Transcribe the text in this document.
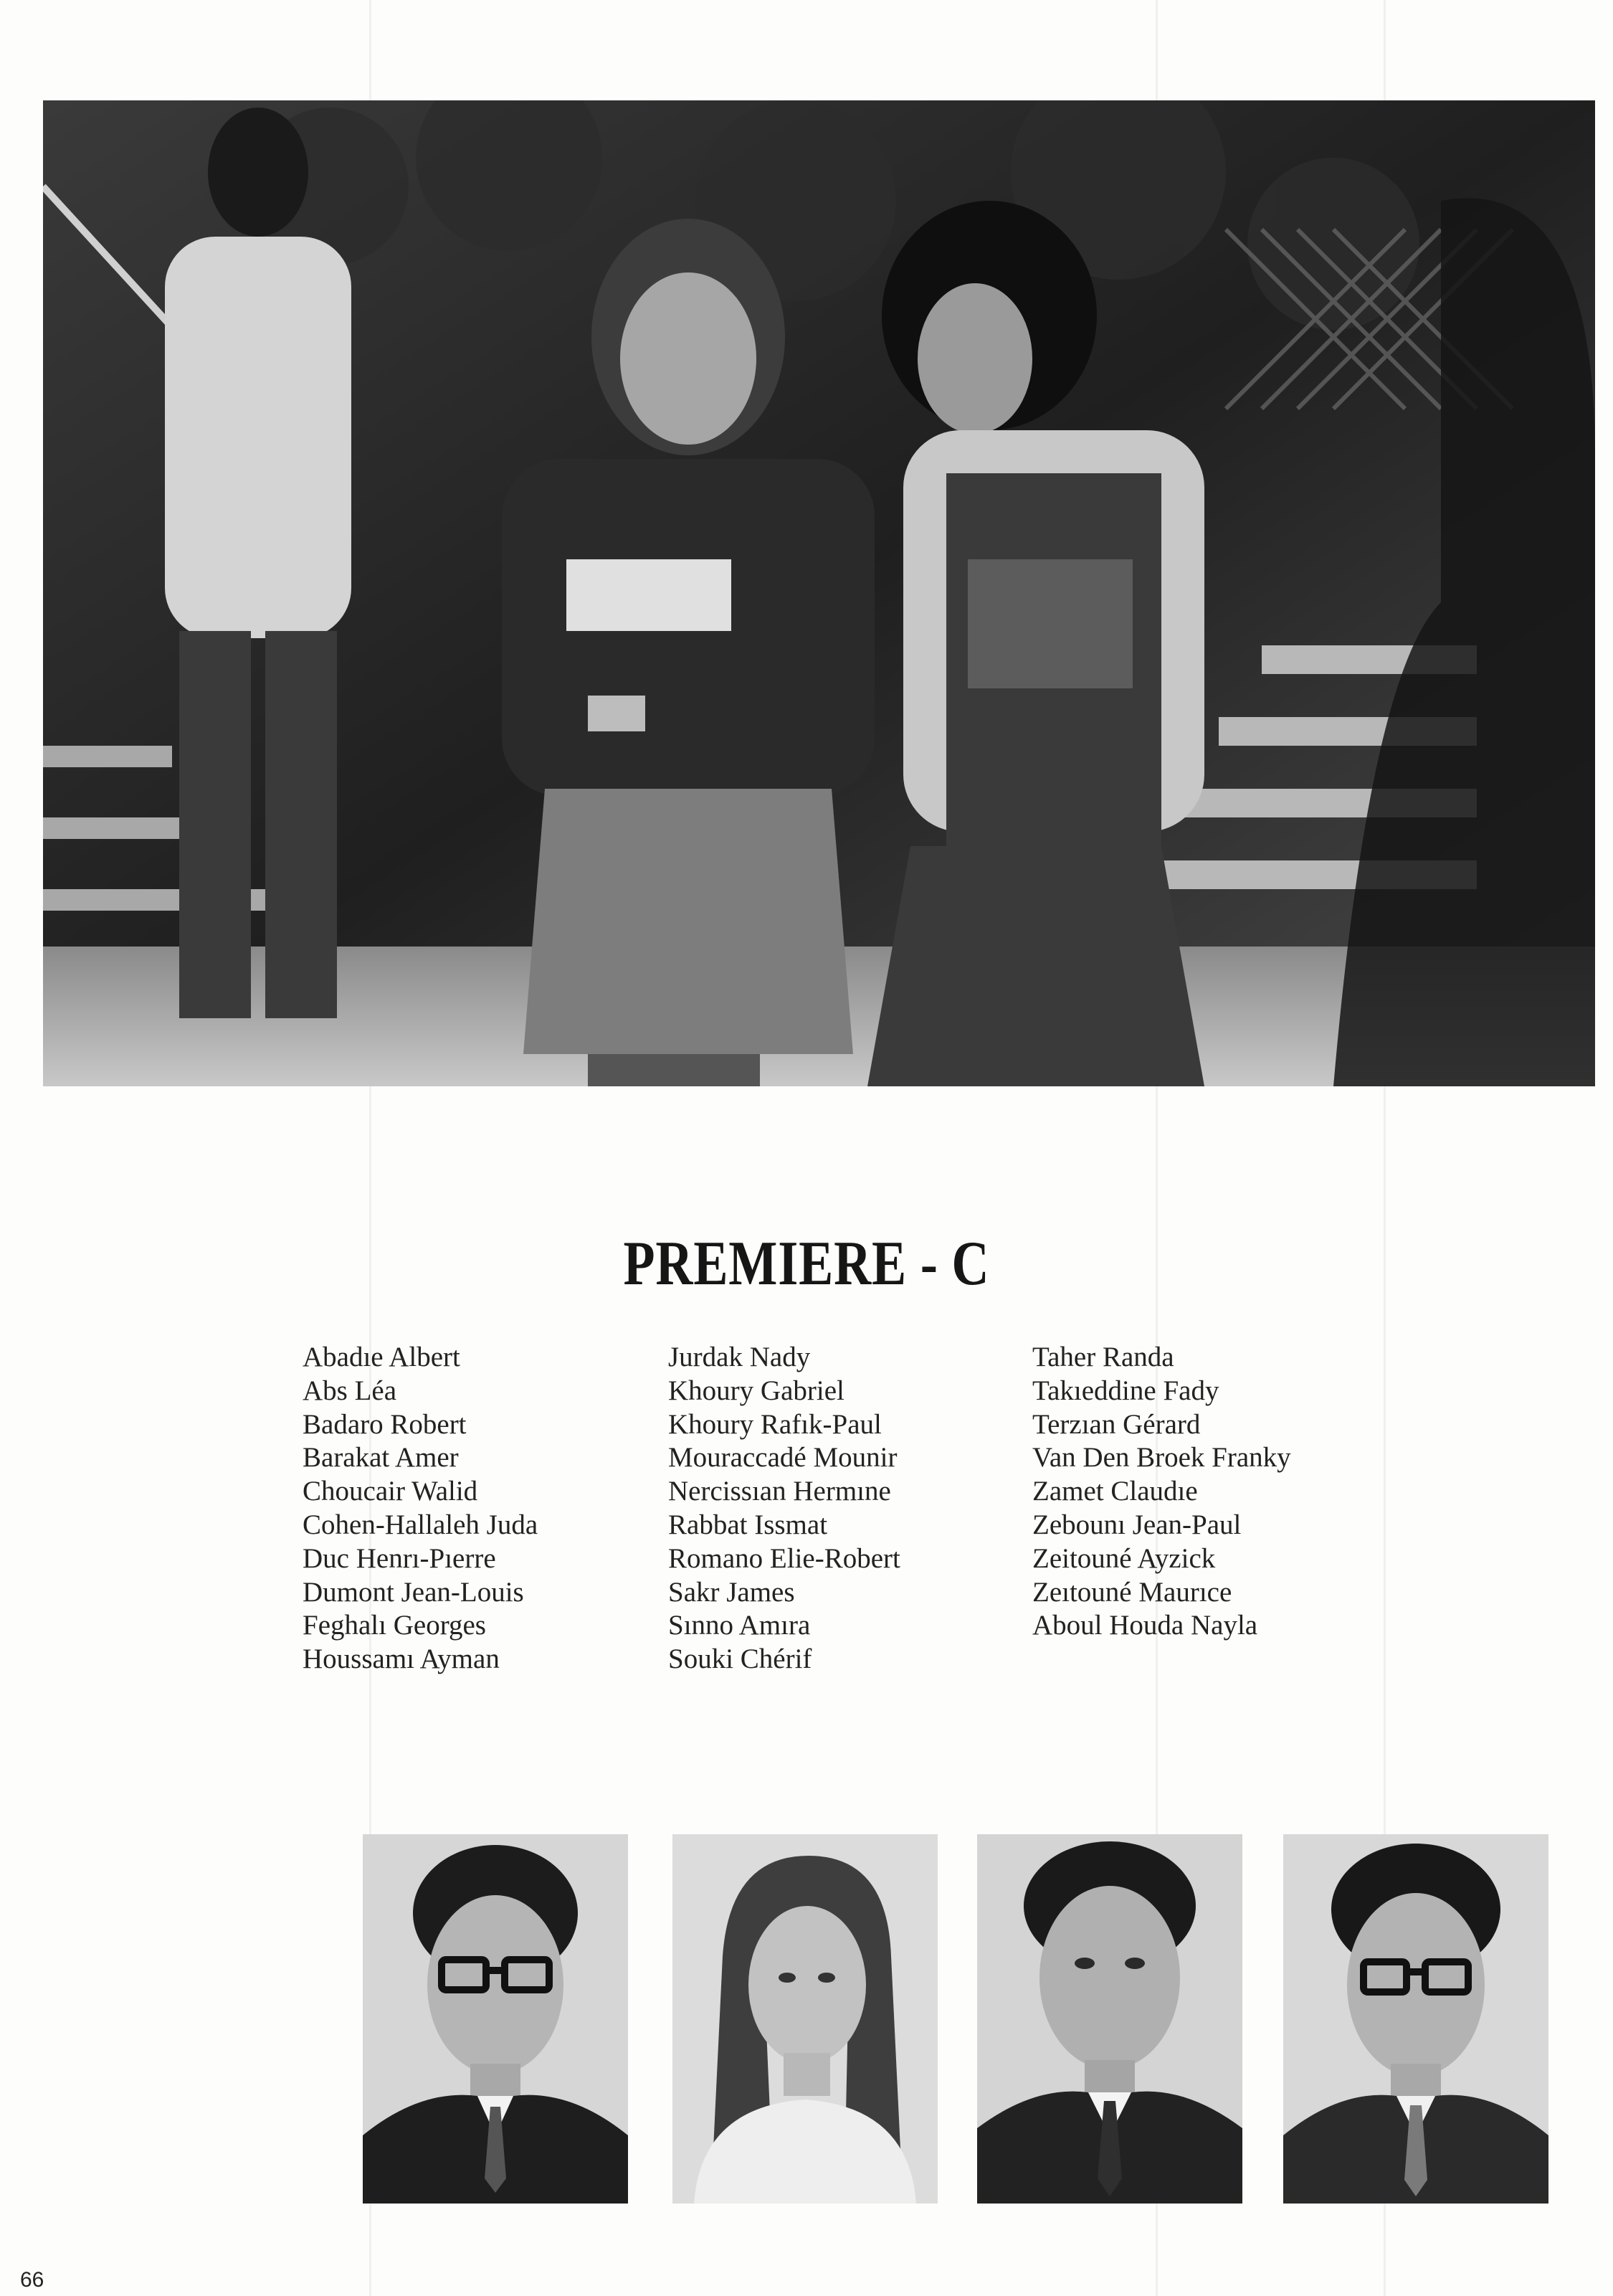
PREMIERE - C
Abadıe Albert
Abs Léa
Badaro Robert
Barakat Amer
Choucair Walid
Cohen-Hallaleh Juda
Duc Henrı-Pıerre
Dumont Jean-Louis
Feghalı Georges
Houssamı Ayman
Jurdak Nady
Khoury Gabriel
Khoury Rafık-Paul
Mouraccadé Mounir
Nercissıan Hermıne
Rabbat Issmat
Romano Elie-Robert
Sakr James
Sınno Amıra
Souki Chérif
Taher Randa
Takıeddine Fady
Terzıan Gérard
Van Den Broek Franky
Zamet Claudıe
Zebounı Jean-Paul
Zeitouné Ayzick
Zeıtouné Maurıce
Aboul Houda Nayla
66
